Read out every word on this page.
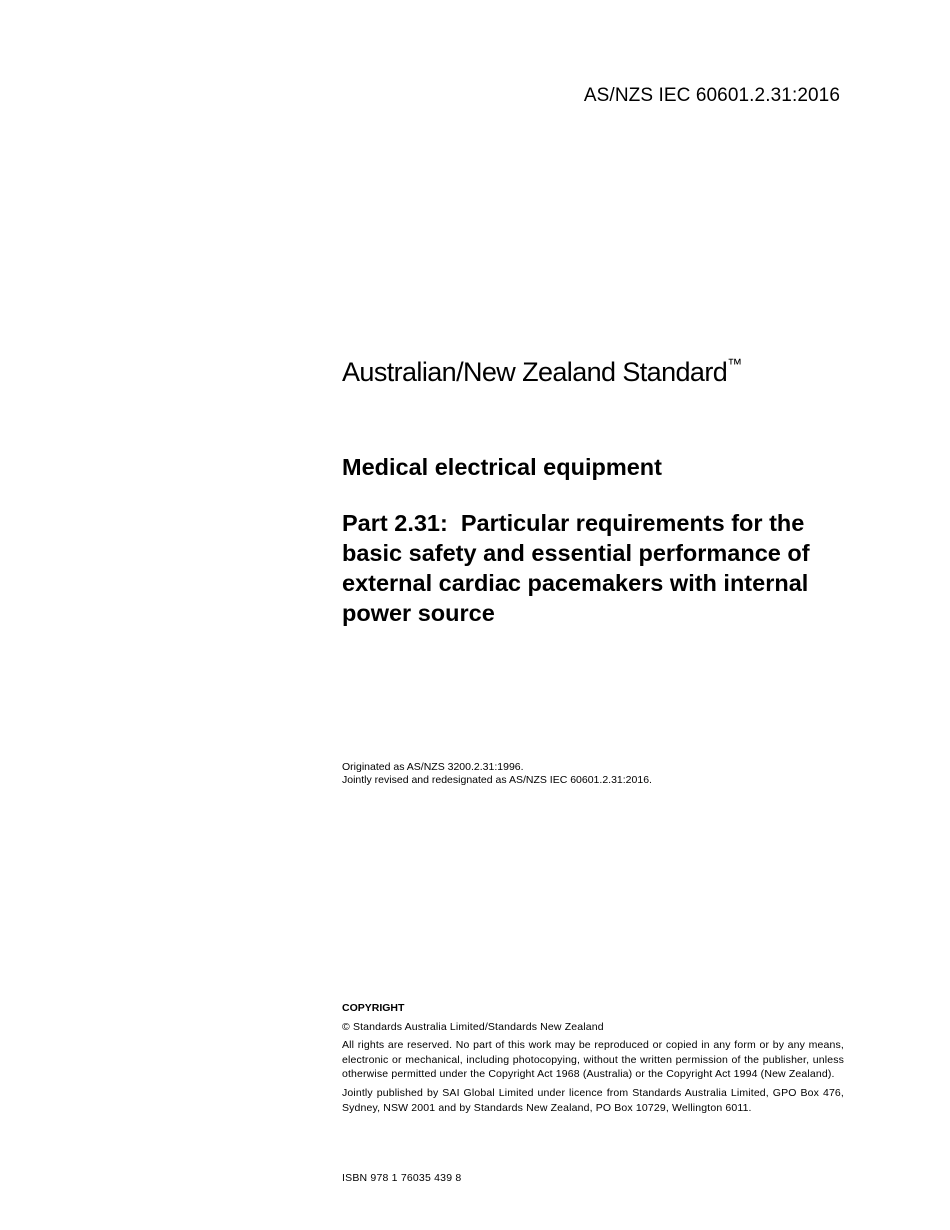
AS/NZS IEC 60601.2.31:2016
Australian/New Zealand Standard™
Medical electrical equipment
Part 2.31:  Particular requirements for the basic safety and essential performance of external cardiac pacemakers with internal power source
Originated as AS/NZS 3200.2.31:1996.
Jointly revised and redesignated as AS/NZS IEC 60601.2.31:2016.
COPYRIGHT

© Standards Australia Limited/Standards New Zealand

All rights are reserved. No part of this work may be reproduced or copied in any form or by any means, electronic or mechanical, including photocopying, without the written permission of the publisher, unless otherwise permitted under the Copyright Act 1968 (Australia) or the Copyright Act 1994 (New Zealand).

Jointly published by SAI Global Limited under licence from Standards Australia Limited, GPO Box 476, Sydney, NSW 2001 and by Standards New Zealand, PO Box 10729, Wellington 6011.

ISBN 978 1 76035 439 8
